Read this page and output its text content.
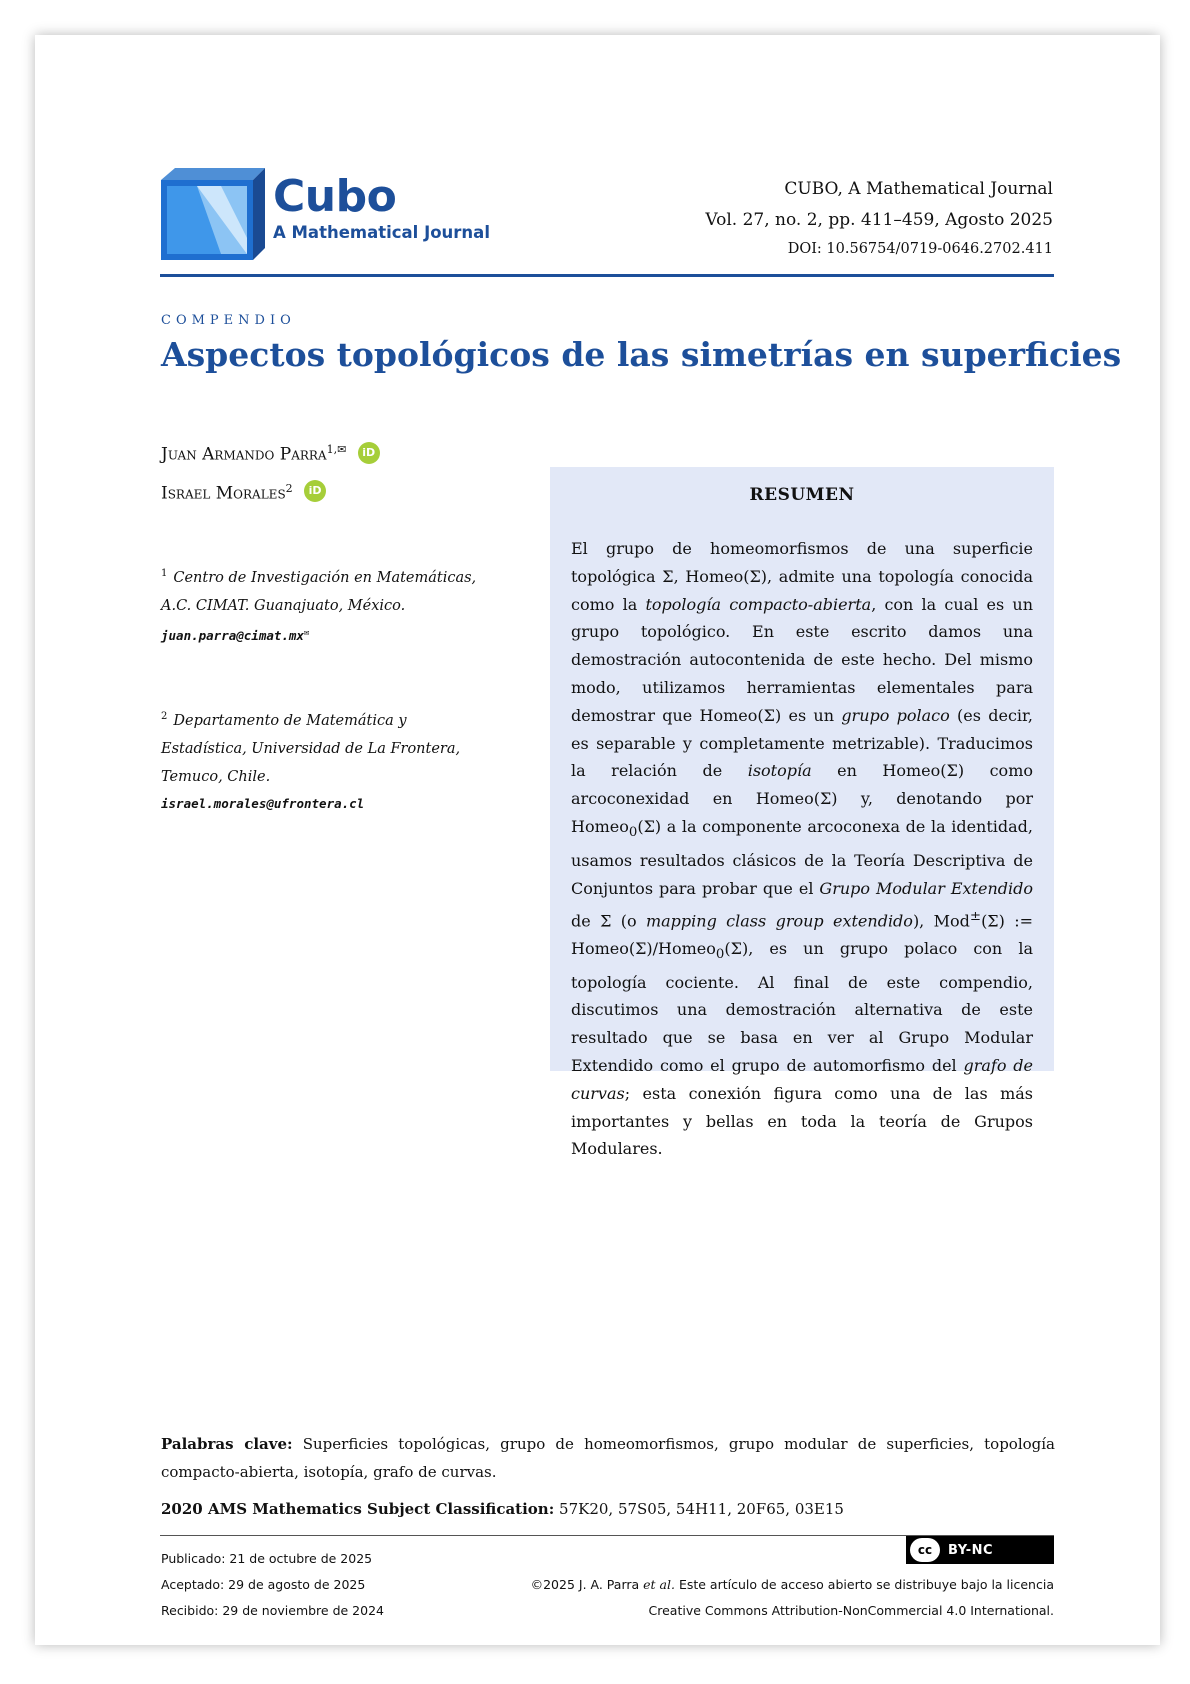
Cubo
A Mathematical Journal
CUBO, A Mathematical Journal
Vol. 27, no. 2, pp. 411–459, Agosto 2025
DOI: 10.56754/0719-0646.2702.411
COMPENDIO
Aspectos topológicos de las simetrías en superficies
Juan Armando Parra$^{1,✉}$ iD
Israel Morales$^2$ iD
$^1$ Centro de Investigación en Matemáticas, A.C. CIMAT. Guanajuato, México.
juan.parra@cimat.mx✉
$^2$ Departamento de Matemática y Estadística, Universidad de La Frontera, Temuco, Chile.
israel.morales@ufrontera.cl
RESUMEN
El grupo de homeomorfismos de una superficie topológica Σ, Homeo(Σ), admite una topología conocida como la topología compacto-abierta, con la cual es un grupo topológico. En este escrito damos una demostración autocontenida de este hecho. Del mismo modo, utilizamos herramientas elementales para demostrar que Homeo(Σ) es un grupo polaco (es decir, es separable y completamente metrizable). Traducimos la relación de isotopía en Homeo(Σ) como arcoconexidad en Homeo(Σ) y, denotando por Homeo$_0$(Σ) a la componente arcoconexa de la identidad, usamos resultados clásicos de la Teoría Descriptiva de Conjuntos para probar que el Grupo Modular Extendido de Σ (o mapping class group extendido), Mod±(Σ) := Homeo(Σ)/Homeo$_0$(Σ), es un grupo polaco con la topología cociente. Al final de este compendio, discutimos una demostración alternativa de este resultado que se basa en ver al Grupo Modular Extendido como el grupo de automorfismo del grafo de curvas; esta conexión figura como una de las más importantes y bellas en toda la teoría de Grupos Modulares.
Palabras clave: Superficies topológicas, grupo de homeomorfismos, grupo modular de superficies, topología compacto-abierta, isotopía, grafo de curvas.
2020 AMS Mathematics Subject Classification: 57K20, 57S05, 54H11, 20F65, 03E15
Publicado: 21 de octubre de 2025
Aceptado: 29 de agosto de 2025
Recibido: 29 de noviembre de 2024
cc	BY-NC
©2025 J. A. Parra et al. Este artículo de acceso abierto se distribuye bajo la licencia
Creative Commons Attribution-NonCommercial 4.0 International.
